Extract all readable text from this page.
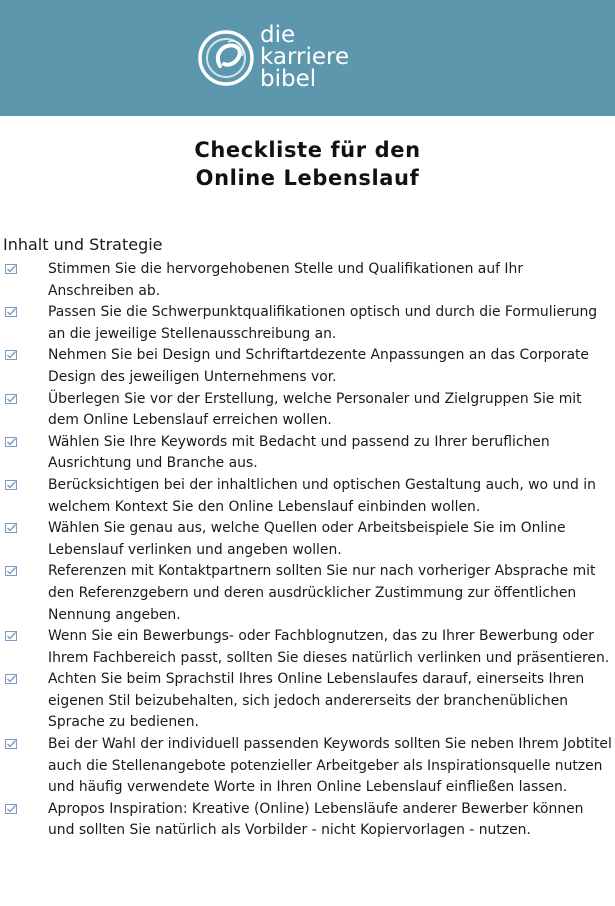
die
karriere
bibel
Checkliste für den
Online Lebenslauf
Inhalt und Strategie
Stimmen Sie die hervorgehobenen Stelle und Qualifikationen auf Ihr Anschreiben ab.
Passen Sie die Schwerpunktqualifikationen optisch und durch die Formulierung an die jeweilige Stellenausschreibung an.
Nehmen Sie bei Design und Schriftartdezente Anpassungen an das Corporate Design des jeweiligen Unternehmens vor.
Überlegen Sie vor der Erstellung, welche Personaler und Zielgruppen Sie mit dem Online Lebenslauf erreichen wollen.
Wählen Sie Ihre Keywords mit Bedacht und passend zu Ihrer beruflichen Ausrichtung und Branche aus.
Berücksichtigen bei der inhaltlichen und optischen Gestaltung auch, wo und in welchem Kontext Sie den Online Lebenslauf einbinden wollen.
Wählen Sie genau aus, welche Quellen oder Arbeitsbeispiele Sie im Online Lebenslauf verlinken und angeben wollen.
Referenzen mit Kontaktpartnern sollten Sie nur nach vorheriger Absprache mit den Referenzgebern und deren ausdrücklicher Zustimmung zur öffentlichen Nennung angeben.
Wenn Sie ein Bewerbungs- oder Fachblognutzen, das zu Ihrer Bewerbung oder Ihrem Fachbereich passt, sollten Sie dieses natürlich verlinken und präsentieren.
Achten Sie beim Sprachstil Ihres Online Lebenslaufes darauf, einerseits Ihren eigenen Stil beizubehalten, sich jedoch andererseits der branchenüblichen Sprache zu bedienen.
Bei der Wahl der individuell passenden Keywords sollten Sie neben Ihrem Jobtitel auch die Stellenangebote potenzieller Arbeitgeber als Inspirationsquelle nutzen und häufig verwendete Worte in Ihren Online Lebenslauf einfließen lassen.
Apropos Inspiration: Kreative (Online) Lebensläufe anderer Bewerber können und sollten Sie natürlich als Vorbilder - nicht Kopiervorlagen - nutzen.
